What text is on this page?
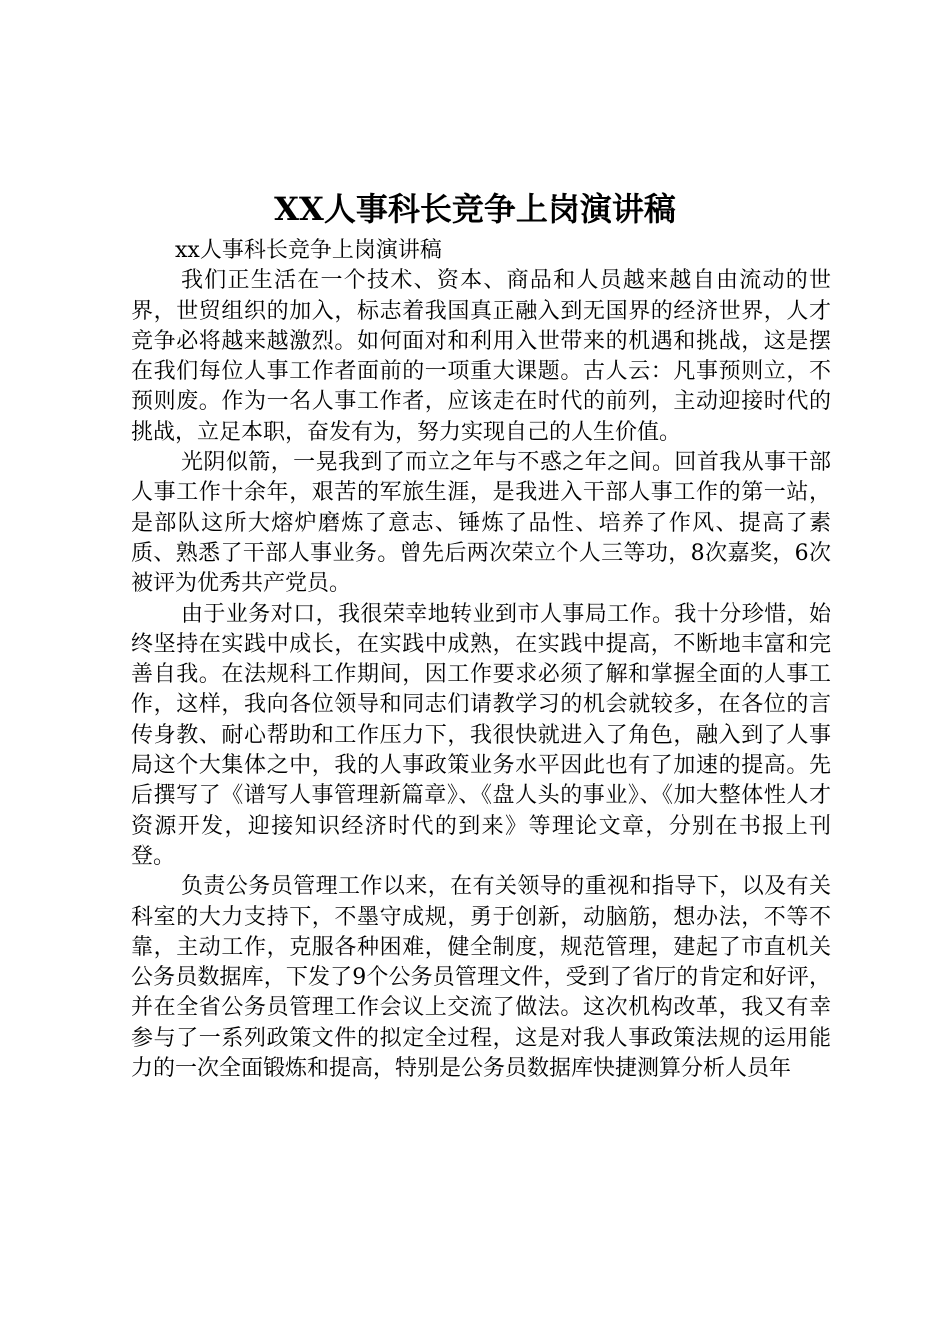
XX人事科长竞争上岗演讲稿

xx人事科长竞争上岗演讲稿

我们正生活在一个技术、资本、商品和人员越来越自由流动的世界，世贸组织的加入，标志着我国真正融入到无国界的经济世界，人才竞争必将越来越激烈。如何面对和利用入世带来的机遇和挑战，这是摆在我们每位人事工作者面前的一项重大课题。古人云：凡事预则立，不预则废。作为一名人事工作者，应该走在时代的前列，主动迎接时代的挑战，立足本职，奋发有为，努力实现自己的人生价值。

光阴似箭，一晃我到了而立之年与不惑之年之间。回首我从事干部人事工作十余年，艰苦的军旅生涯，是我进入干部人事工作的第一站，是部队这所大熔炉磨炼了意志、锤炼了品性、培养了作风、提高了素质、熟悉了干部人事业务。曾先后两次荣立个人三等功，8次嘉奖，6次被评为优秀共产党员。

由于业务对口，我很荣幸地转业到市人事局工作。我十分珍惜，始终坚持在实践中成长，在实践中成熟，在实践中提高，不断地丰富和完善自我。在法规科工作期间，因工作要求必须了解和掌握全面的人事工作，这样，我向各位领导和同志们请教学习的机会就较多，在各位的言传身教、耐心帮助和工作压力下，我很快就进入了角色，融入到了人事局这个大集体之中，我的人事政策业务水平因此也有了加速的提高。先后撰写了《谱写人事管理新篇章》、《盘人头的事业》、《加大整体性人才资源开发，迎接知识经济时代的到来》等理论文章，分别在书报上刊登。

负责公务员管理工作以来，在有关领导的重视和指导下，以及有关科室的大力支持下，不墨守成规，勇于创新，动脑筋，想办法，不等不靠，主动工作，克服各种困难，健全制度，规范管理，建起了市直机关公务员数据库，下发了9个公务员管理文件，受到了省厅的肯定和好评，并在全省公务员管理工作会议上交流了做法。这次机构改革，我又有幸参与了一系列政策文件的拟定全过程，这是对我人事政策法规的运用能力的一次全面锻炼和提高，特别是公务员数据库快捷测算分析人员年
